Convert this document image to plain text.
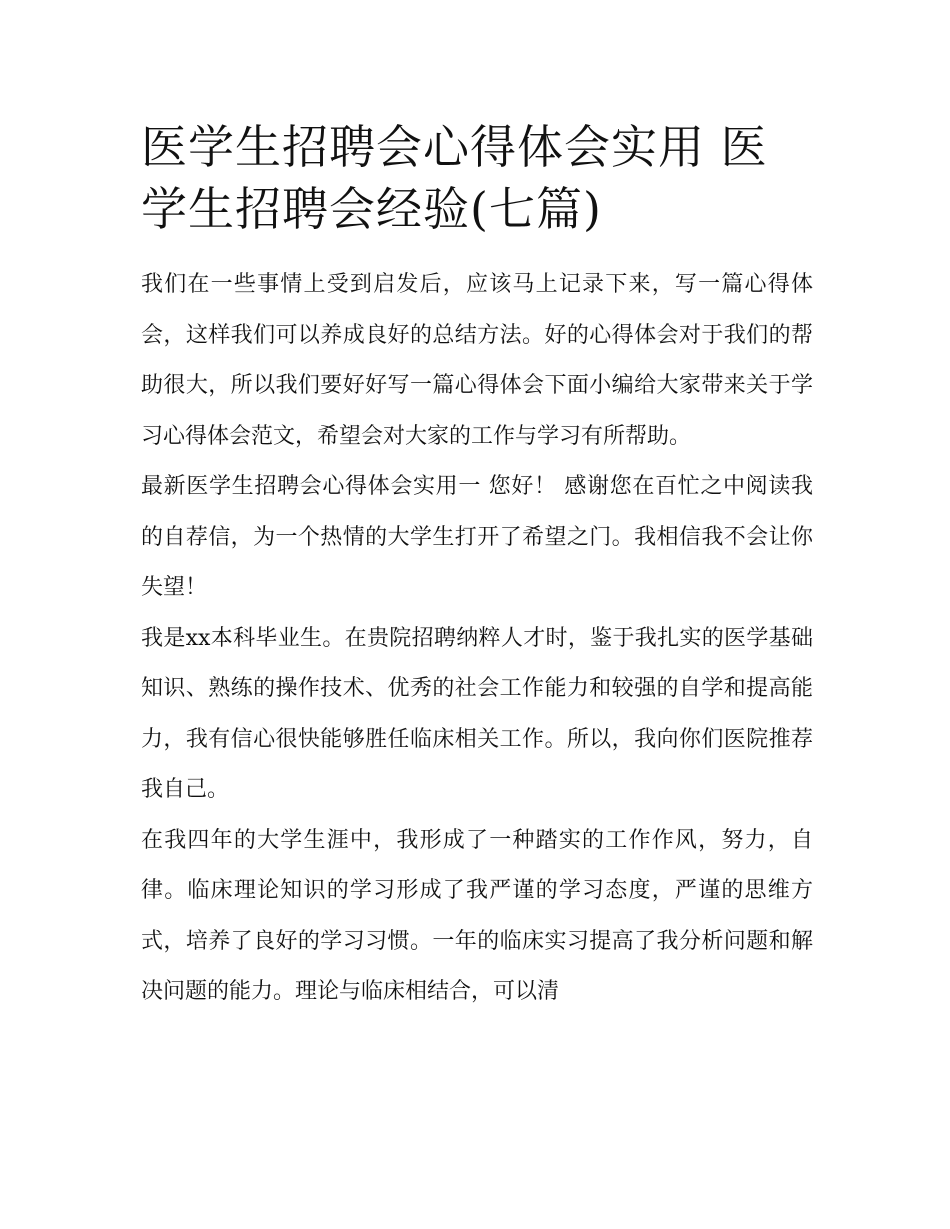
医学生招聘会心得体会实用 医学生招聘会经验(七篇)

我们在一些事情上受到启发后，应该马上记录下来，写一篇心得体会，这样我们可以养成良好的总结方法。好的心得体会对于我们的帮助很大，所以我们要好好写一篇心得体会下面小编给大家带来关于学习心得体会范文，希望会对大家的工作与学习有所帮助。

最新医学生招聘会心得体会实用一 您好！ 感谢您在百忙之中阅读我的自荐信，为一个热情的大学生打开了希望之门。我相信我不会让你失望！

我是xx本科毕业生。在贵院招聘纳粹人才时，鉴于我扎实的医学基础知识、熟练的操作技术、优秀的社会工作能力和较强的自学和提高能力，我有信心很快能够胜任临床相关工作。所以，我向你们医院推荐我自己。

在我四年的大学生涯中，我形成了一种踏实的工作作风，努力，自律。临床理论知识的学习形成了我严谨的学习态度，严谨的思维方式，培养了良好的学习习惯。一年的临床实习提高了我分析问题和解决问题的能力。理论与临床相结合，可以清
